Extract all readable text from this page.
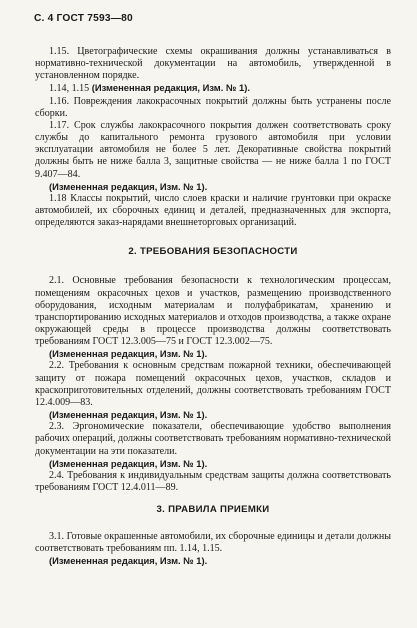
С. 4 ГОСТ 7593—80

1.15. Цветографические схемы окрашивания должны устанавливаться в нормативно-технической документации на автомобиль, утвержденной в установленном порядке.

1.14, 1.15 (Измененная редакция, Изм. № 1).

1.16. Повреждения лакокрасочных покрытий должны быть устранены после сборки.

1.17. Срок службы лакокрасочного покрытия должен соответствовать сроку службы до капитального ремонта грузового автомобиля при условии эксплуатации автомобиля не более 5 лет. Декоративные свойства покрытий должны быть не ниже балла 3, защитные свойства — не ниже балла 1 по ГОСТ 9.407—84.

(Измененная редакция, Изм. № 1).

1.18 Классы покрытий, число слоев краски и наличие грунтовки при окраске автомобилей, их сборочных единиц и деталей, предназначенных для экспорта, определяются заказ-нарядами внешнеторговых организаций.

2. ТРЕБОВАНИЯ БЕЗОПАСНОСТИ

2.1. Основные требования безопасности к технологическим процессам, помещениям окрасочных цехов и участков, размещению производственного оборудования, исходным материалам и полуфабрикатам, хранению и транспортированию исходных материалов и отходов производства, а также охране окружающей среды в процессе производства должны соответствовать требованиям ГОСТ 12.3.005—75 и ГОСТ 12.3.002—75.

(Измененная редакция, Изм. № 1).

2.2. Требования к основным средствам пожарной техники, обеспечивающей защиту от пожара помещений окрасочных цехов, участков, складов и краскоприготовительных отделений, должны соответствовать требованиям ГОСТ 12.4.009—83.

(Измененная редакция, Изм. № 1).

2.3. Эргономические показатели, обеспечивающие удобство выполнения рабочих операций, должны соответствовать требованиям нормативно-технической документации на эти показатели.

(Измененная редакция, Изм. № 1).

2.4. Требования к индивидуальным средствам защиты должна соответствовать требованиям ГОСТ 12.4.011—89.

3. ПРАВИЛА ПРИЕМКИ

3.1. Готовые окрашенные автомобили, их сборочные единицы и детали должны соответствовать требованиям пп. 1.14, 1.15.

(Измененная редакция, Изм. № 1).
